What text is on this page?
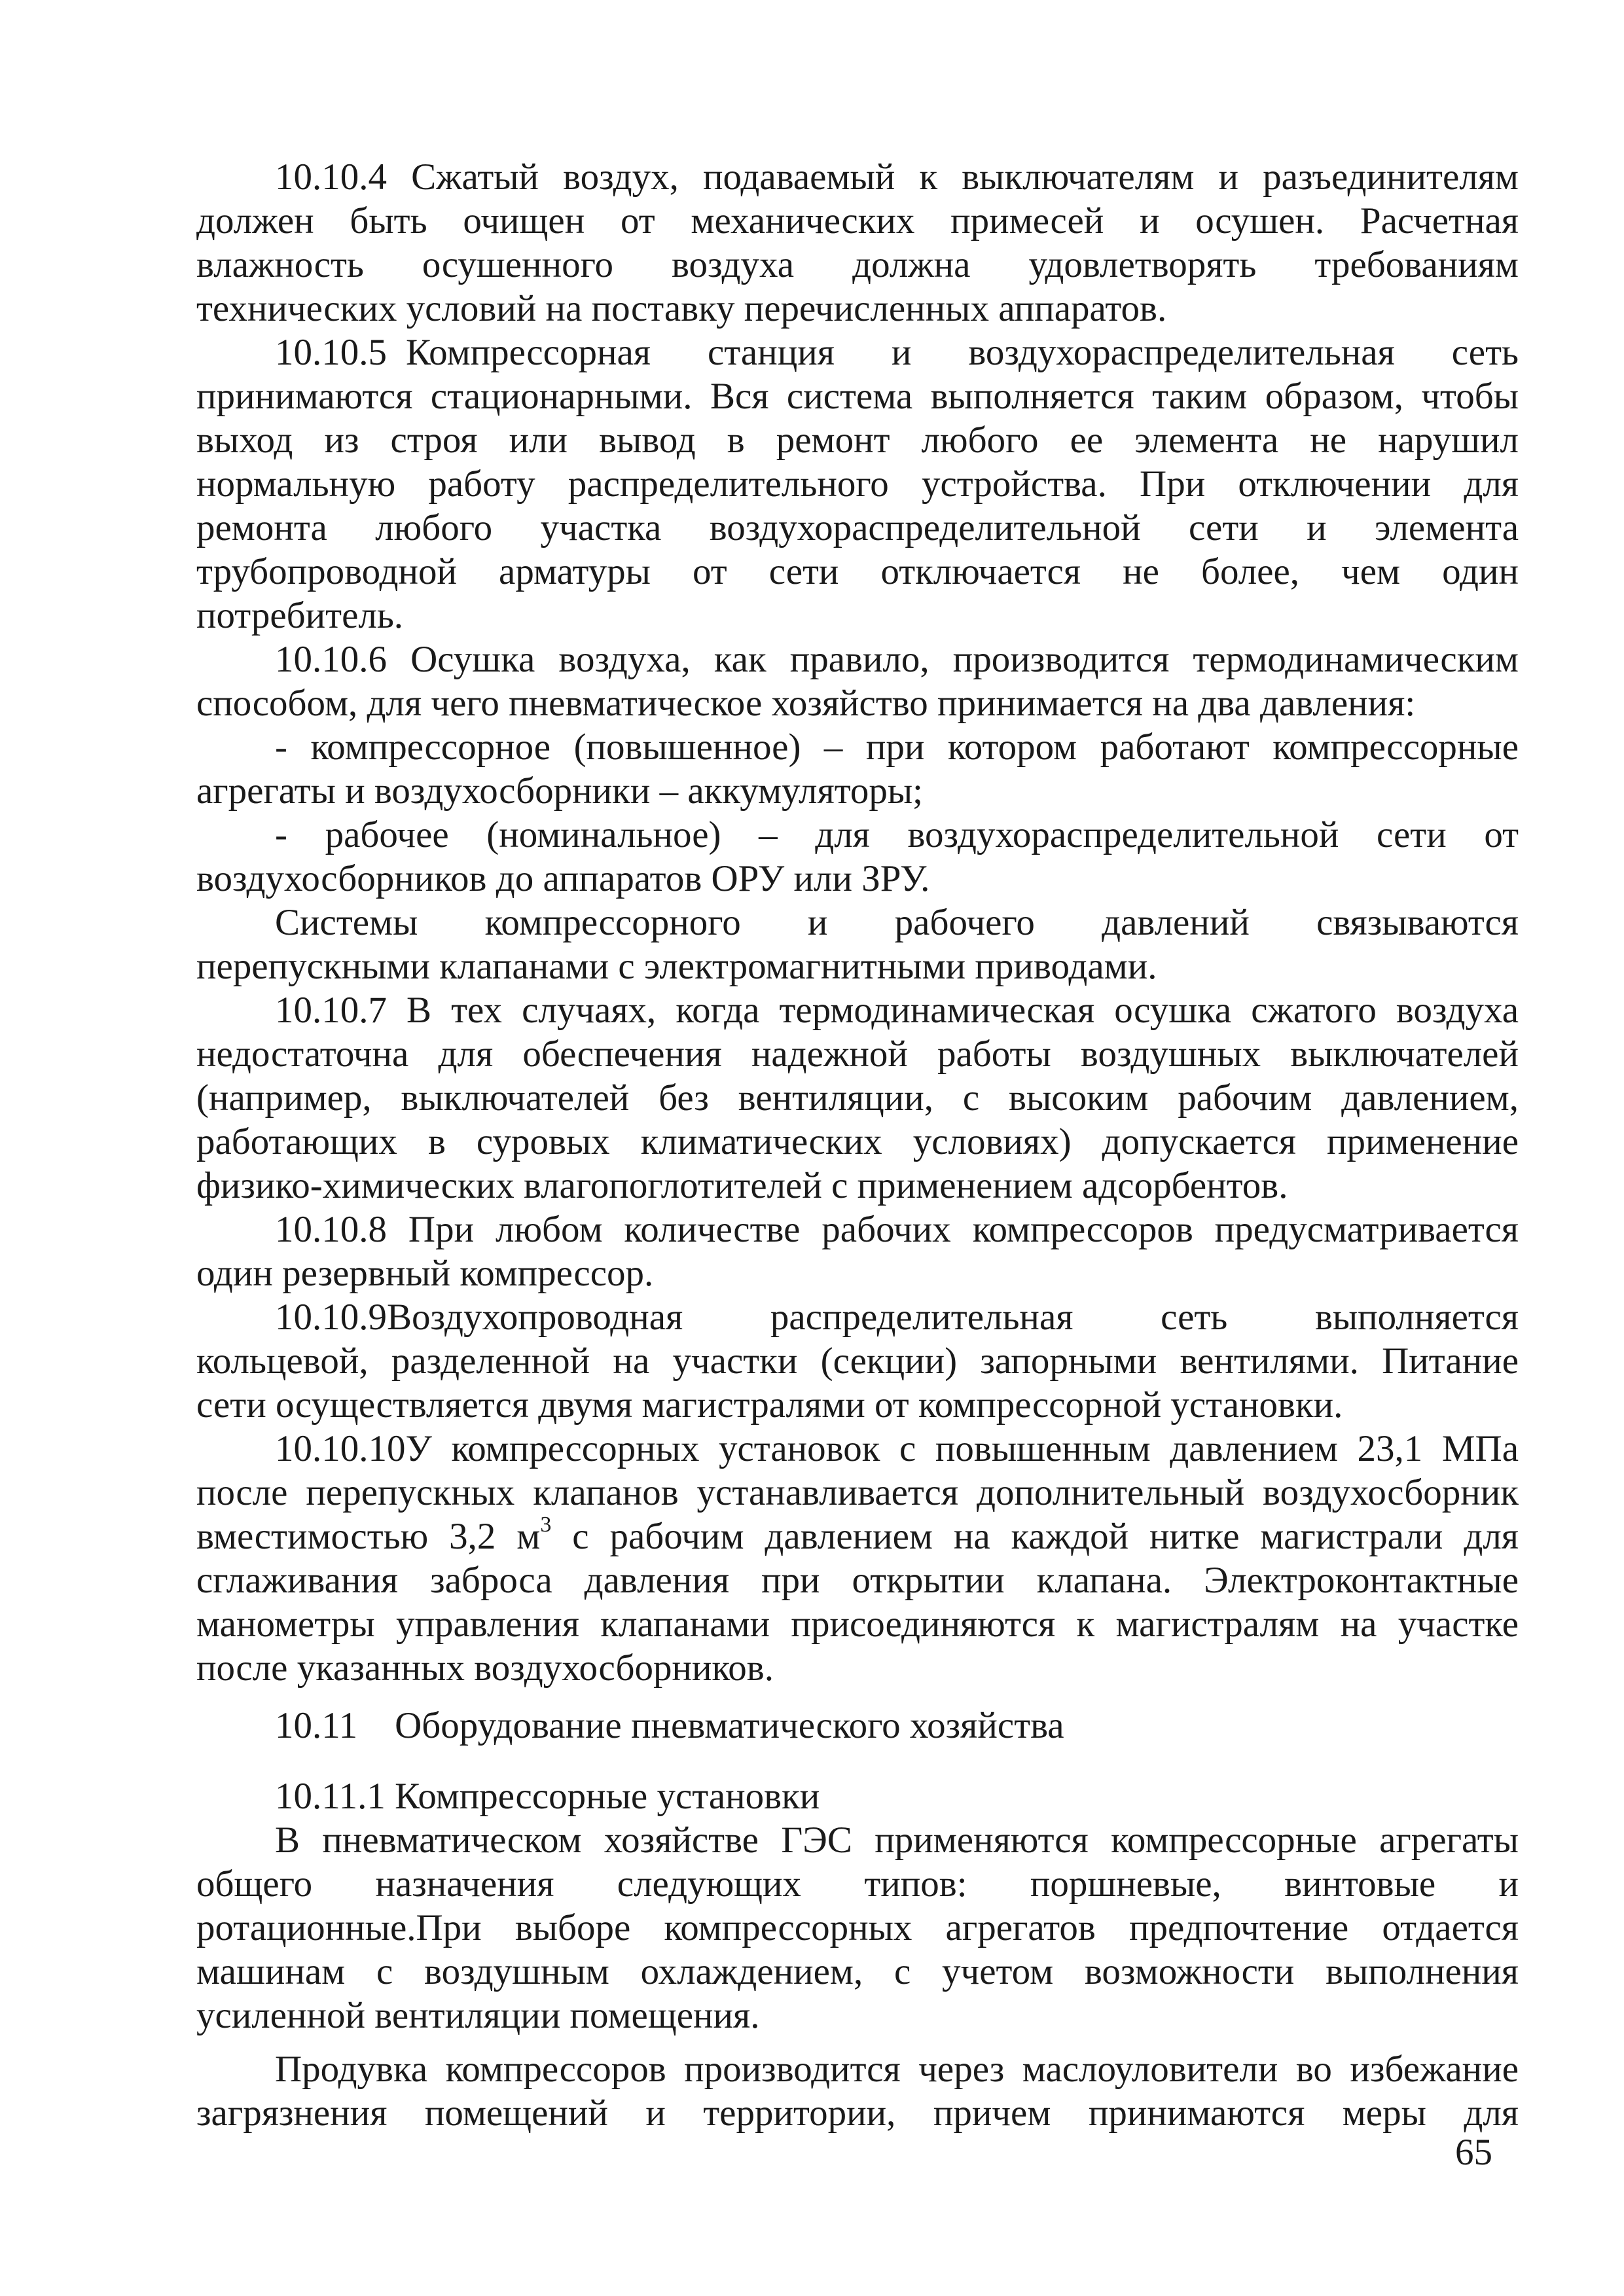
10.10.4 Сжатый воздух, подаваемый к выключателям и разъединителям
должен быть очищен от механических примесей и осушен. Расчетная
влажность осушенного воздуха должна удовлетворять требованиям
технических условий на поставку перечисленных аппаратов.
10.10.5 Компрессорная станция и воздухораспределительная сеть
принимаются стационарными. Вся система выполняется таким образом, чтобы
выход из строя или вывод в ремонт любого ее элемента не нарушил
нормальную работу распределительного устройства. При отключении для
ремонта любого участка воздухораспределительной сети и элемента
трубопроводной арматуры от сети отключается не более, чем один
потребитель.
10.10.6 Осушка воздуха, как правило, производится термодинамическим
способом, для чего пневматическое хозяйство принимается на два давления:
- компрессорное (повышенное) – при котором работают компрессорные
агрегаты и воздухосборники – аккумуляторы;
- рабочее (номинальное) – для воздухораспределительной сети от
воздухосборников до аппаратов ОРУ или ЗРУ.
Системы компрессорного и рабочего давлений связываются
перепускными клапанами с электромагнитными приводами.
10.10.7 В тех случаях, когда термодинамическая осушка сжатого воздуха
недостаточна для обеспечения надежной работы воздушных выключателей
(например, выключателей без вентиляции, с высоким рабочим давлением,
работающих в суровых климатических условиях) допускается применение
физико-химических влагопоглотителей с применением адсорбентов.
10.10.8 При любом количестве рабочих компрессоров предусматривается
один резервный компрессор.
10.10.9Воздухопроводная распределительная сеть выполняется
кольцевой, разделенной на участки (секции) запорными вентилями. Питание
сети осуществляется двумя магистралями от компрессорной установки.
10.10.10У компрессорных установок с повышенным давлением 23,1 МПа
после перепускных клапанов устанавливается дополнительный воздухосборник
вместимостью 3,2 $м^3$ с рабочим давлением на каждой нитке магистрали для
сглаживания заброса давления при открытии клапана. Электроконтактные
манометры управления клапанами присоединяются к магистралям на участке
после указанных воздухосборников.
10.11    Оборудование пневматического хозяйства
10.11.1 Компрессорные установки
В пневматическом хозяйстве ГЭС применяются компрессорные агрегаты
общего назначения следующих типов: поршневые, винтовые и
ротационные.При выборе компрессорных агрегатов предпочтение отдается
машинам с воздушным охлаждением, с учетом возможности выполнения
усиленной вентиляции помещения.
Продувка компрессоров производится через маслоуловители во избежание
загрязнения помещений и территории, причем принимаются меры для
65
